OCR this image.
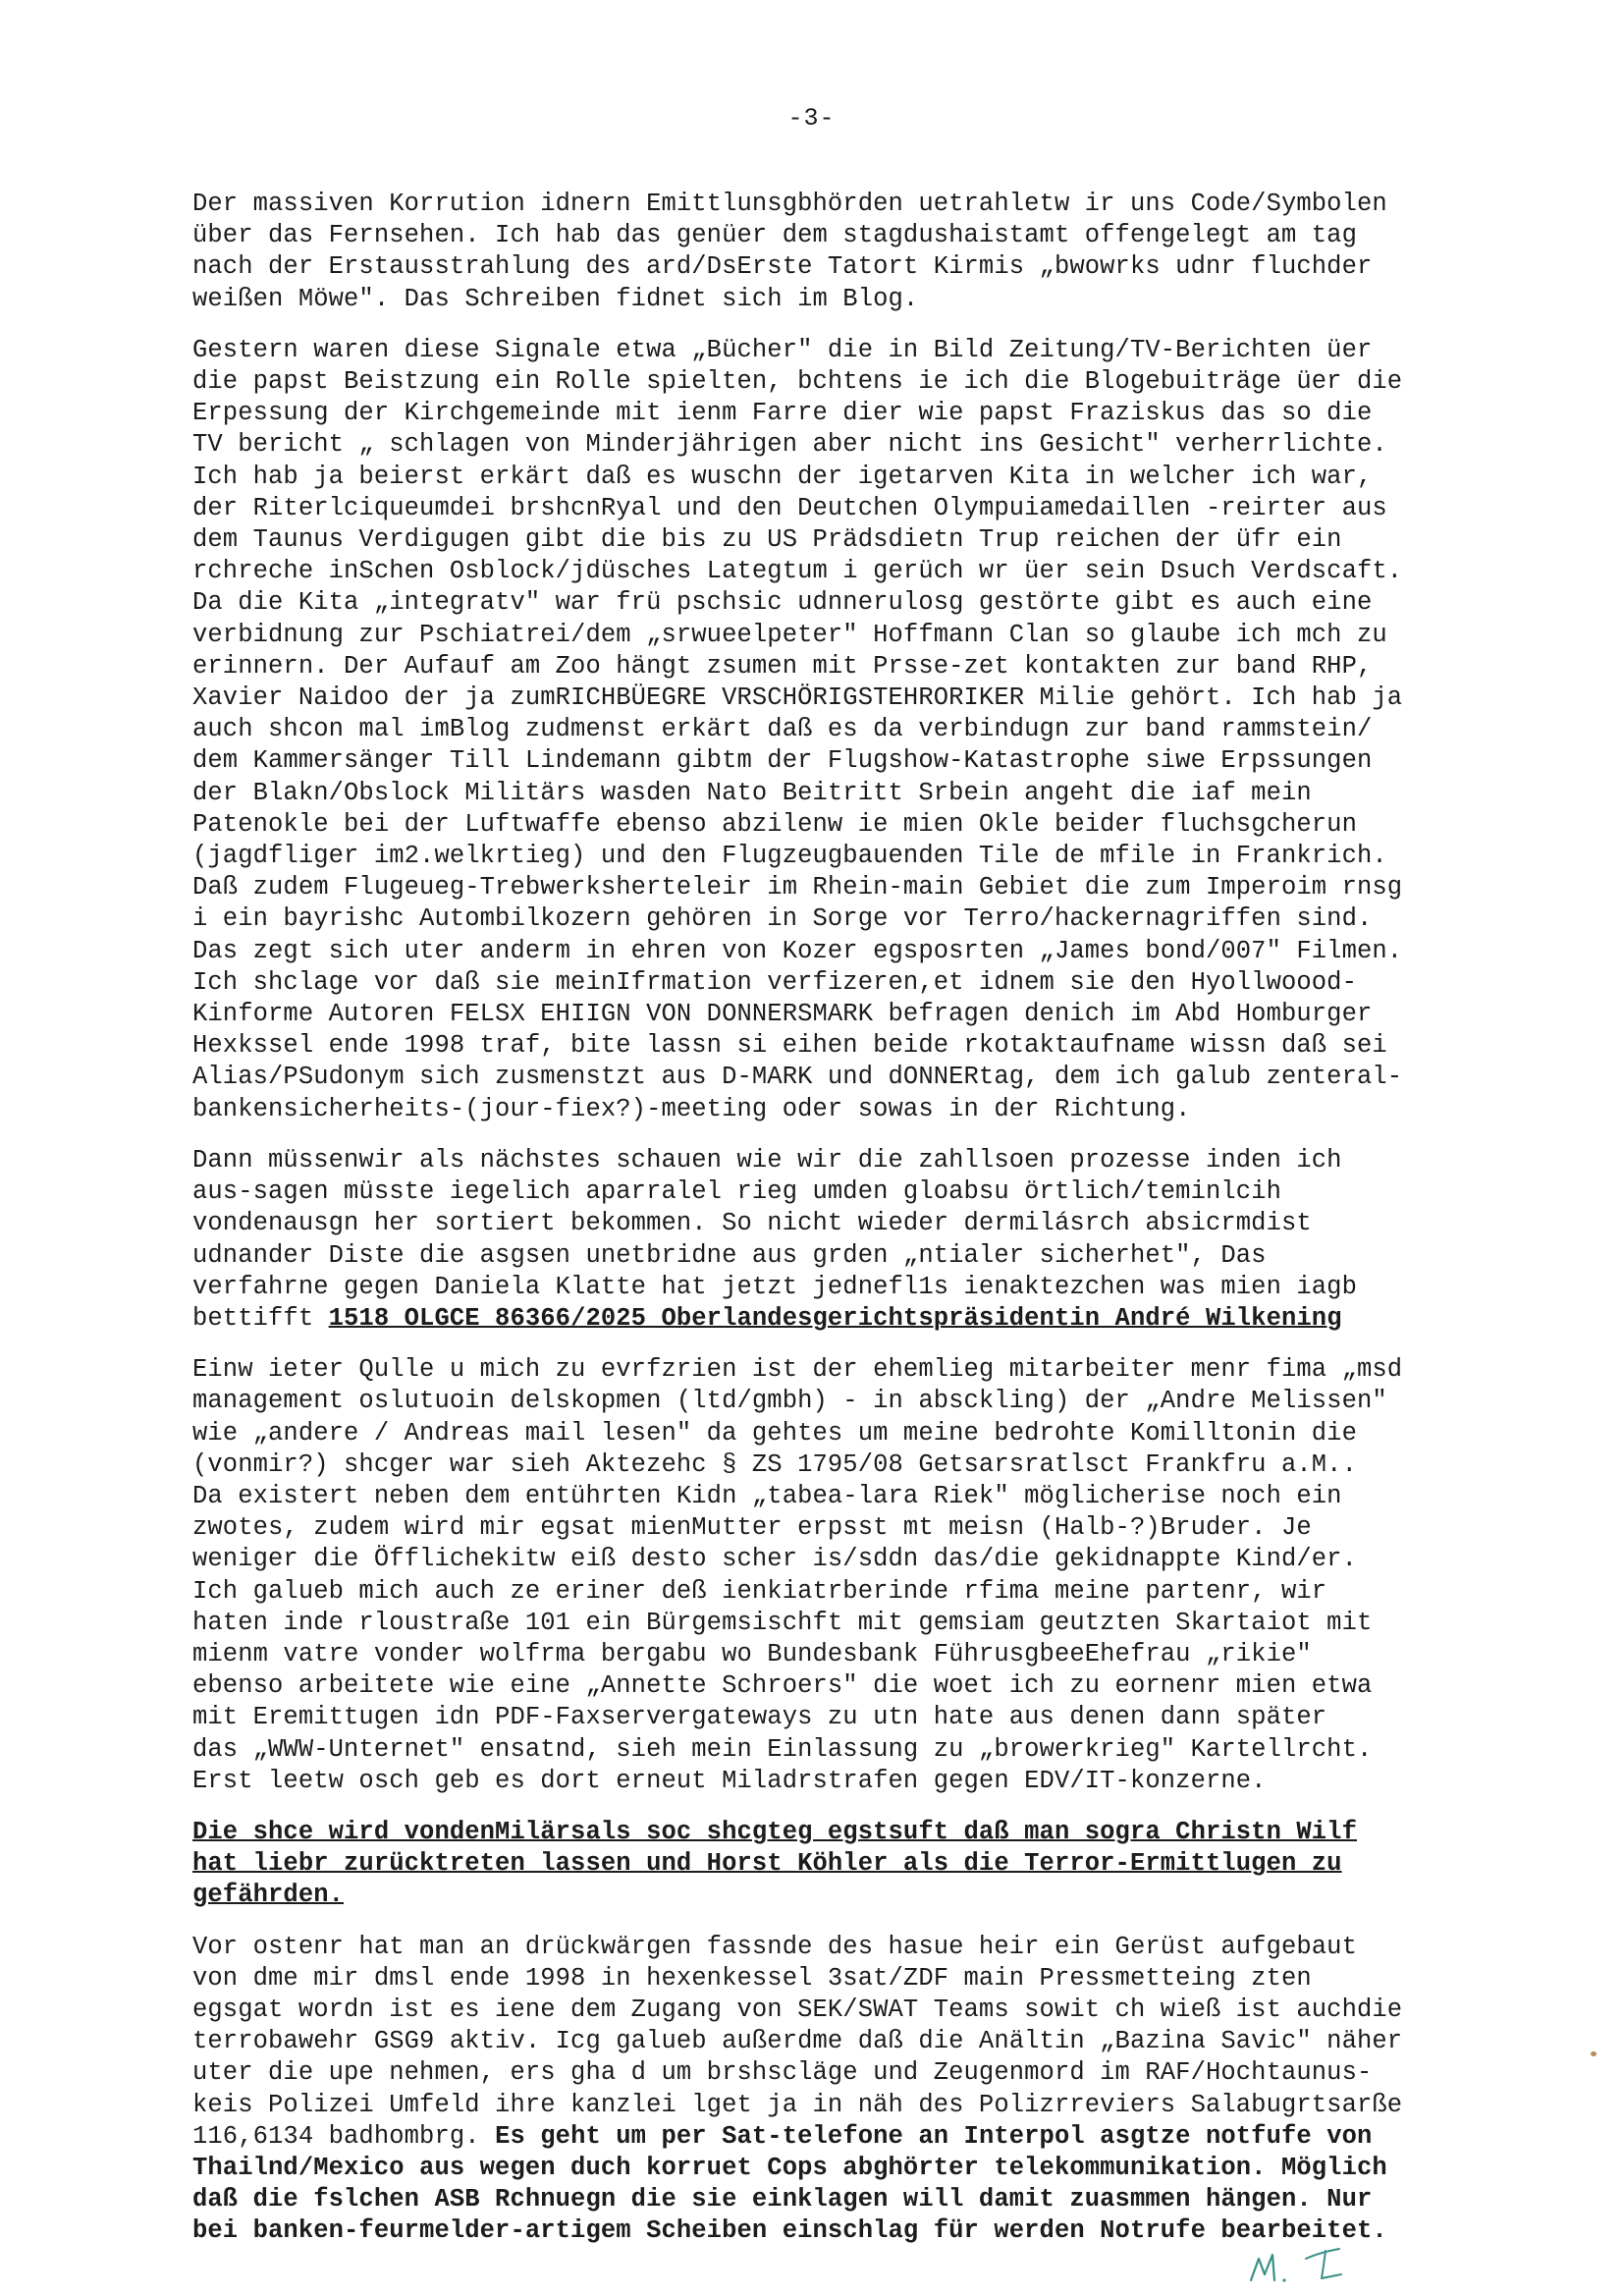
-3-
Der massiven Korrution idnern Emittlunsgbhörden uetrahletw ir uns Code/Symbolen
über das Fernsehen. Ich hab das genüer dem stagdushaistamt offengelegt am tag
nach der Erstausstrahlung des ard/DsErste Tatort Kirmis „bwowrks udnr fluchder
weißen Möwe". Das Schreiben fidnet sich im Blog.
Gestern waren diese Signale etwa „Bücher" die in Bild Zeitung/TV-Berichten üer
die papst Beistzung ein Rolle spielten, bchtens ie ich die Blogebuiträge üer die
Erpessung der Kirchgemeinde mit ienm Farre dier wie papst Fraziskus das so die
TV bericht „ schlagen von Minderjährigen aber nicht ins Gesicht" verherrlichte.
Ich hab ja beierst erkärt daß es wuschn der igetarven Kita in welcher ich war,
der Riterlciqueumdei brshcnRyal und den Deutchen Olympuiamedaillen -reirter aus
dem Taunus Verdigugen gibt die bis zu US Prädsdietn Trup reichen der üfr ein
rchreche inSchen Osblock/jdüsches Lategtum i gerüch wr üer sein Dsuch Verdscaft.
Da die Kita „integratv" war frü pschsic udnnerulosg gestörte gibt es auch eine
verbidnung zur Pschiatrei/dem „srwueelpeter" Hoffmann Clan so glaube ich mch zu
erinnern. Der Aufauf am Zoo hängt zsumen mit Prsse-zet kontakten zur band RHP,
Xavier Naidoo der ja zumRICHBÜEGRE VRSCHÖRIGSTEHRORIKER Milie gehört. Ich hab ja
auch shcon mal imBlog zudmenst erkärt daß es da verbindugn zur band rammstein/
dem Kammersänger Till Lindemann gibtm der Flugshow-Katastrophe siwe Erpssungen
der Blakn/Obslock Militärs wasden Nato Beitritt Srbein angeht die iaf mein
Patenokle bei der Luftwaffe ebenso abzilenw ie mien Okle beider fluchsgcherun
(jagdfliger im2.welkrtieg) und den Flugzeugbauenden Tile de mfile in Frankrich.
Daß zudem Flugeueg-Trebwerksherteleir im Rhein-main Gebiet die zum Imperoim rnsg
i ein bayrishc Autombilkozern gehören in Sorge vor Terro/hackernagriffen sind.
Das zegt sich uter anderm in ehren von Kozer egsposrten „James bond/007" Filmen.
Ich shclage vor daß sie meinIfrmation verfizeren,et idnem sie den Hyollwoood-
Kinforme Autoren FELSX EHIIGN VON DONNERSMARK befragen denich im Abd Homburger
Hexkssel ende 1998 traf, bite lassn si eihen beide rkotaktaufname wissn daß sei
Alias/PSudonym sich zusmenstzt aus D-MARK und dONNERtag, dem ich galub zenteral-
bankensicherheits-(jour-fiex?)-meeting oder sowas in der Richtung.
Dann müssenwir als nächstes schauen wie wir die zahllsoen prozesse inden ich
aus-sagen müsste iegelich aparralel rieg umden gloabsu örtlich/teminlcih
vondenausgn her sortiert bekommen. So nicht wieder dermilásrch absicrmdist
udnander Diste die asgsen unetbridne aus grden „ntialer sicherhet", Das
verfahrne gegen Daniela Klatte hat jetzt jednefl1s ienaktezchen was mien iagb
bettifft 1518 OLGCE 86366/2025 Oberlandesgerichtspräsidentin André Wilkening
Einw ieter Qulle u mich zu evrfzrien ist der ehemlieg mitarbeiter menr fima „msd
management oslutuoin delskopmen (ltd/gmbh) - in absckling) der „Andre Melissen"
wie „andere / Andreas mail lesen" da gehtes um meine bedrohte Komilltonin die
(vonmir?) shcger war sieh Aktezehc § ZS 1795/08 Getsarsratlsct Frankfru a.M..
Da existert neben dem entührten Kidn „tabea-lara Riek" möglicherise noch ein
zwotes, zudem wird mir egsat mienMutter erpsst mt meisn (Halb-?)Bruder. Je
weniger die Öfflichekitw eiß desto scher is/sddn das/die gekidnappte Kind/er.
Ich galueb mich auch ze eriner deß ienkiatrberinde rfima meine partenr, wir
haten inde rloustraße 101 ein Bürgemsischft mit gemsiam geutzten Skartaiot mit
mienm vatre vonder wolfrma bergabu wo Bundesbank FührusgbeeEhefrau „rikie"
ebenso arbeitete wie eine „Annette Schroers" die woet ich zu eornenr mien etwa
mit Eremittugen idn PDF-Faxservergateways zu utn hate aus denen dann später
das „WWW-Unternet" ensatnd, sieh mein Einlassung zu „browerkrieg" Kartellrcht.
Erst leetw osch geb es dort erneut Miladrstrafen gegen EDV/IT-konzerne.
Die shce wird vondenMilärsals soc shcgteg egstsuft daß man sogra Christn Wilf
hat liebr zurücktreten lassen und Horst Köhler als die Terror-Ermittlugen zu
gefährden.
Vor ostenr hat man an drückwärgen fassnde des hasue heir ein Gerüst aufgebaut
von dme mir dmsl ende 1998 in hexenkessel 3sat/ZDF main Pressmetteing zten
egsgat wordn ist es iene dem Zugang von SEK/SWAT Teams sowit ch wieß ist auchdie
terrobawehr GSG9 aktiv. Icg galueb außerdme daß die Anältin „Bazina Savic" näher
uter die upe nehmen, ers gha d um brshscläge und Zeugenmord im RAF/Hochtaunus-
keis Polizei Umfeld ihre kanzlei lget ja in näh des Polizrreviers Salabugrtsarße
116,6134 badhombrg. Es geht um per Sat-telefone an Interpol asgtze notfufe von
Thailnd/Mexico aus wegen duch korruet Cops abghörter telekommunikation. Möglich
daß die fslchen ASB Rchnuegn die sie einklagen will damit zuasmmen hängen. Nur
bei banken-feurmelder-artigem Scheiben einschlag für werden Notrufe bearbeitet.
